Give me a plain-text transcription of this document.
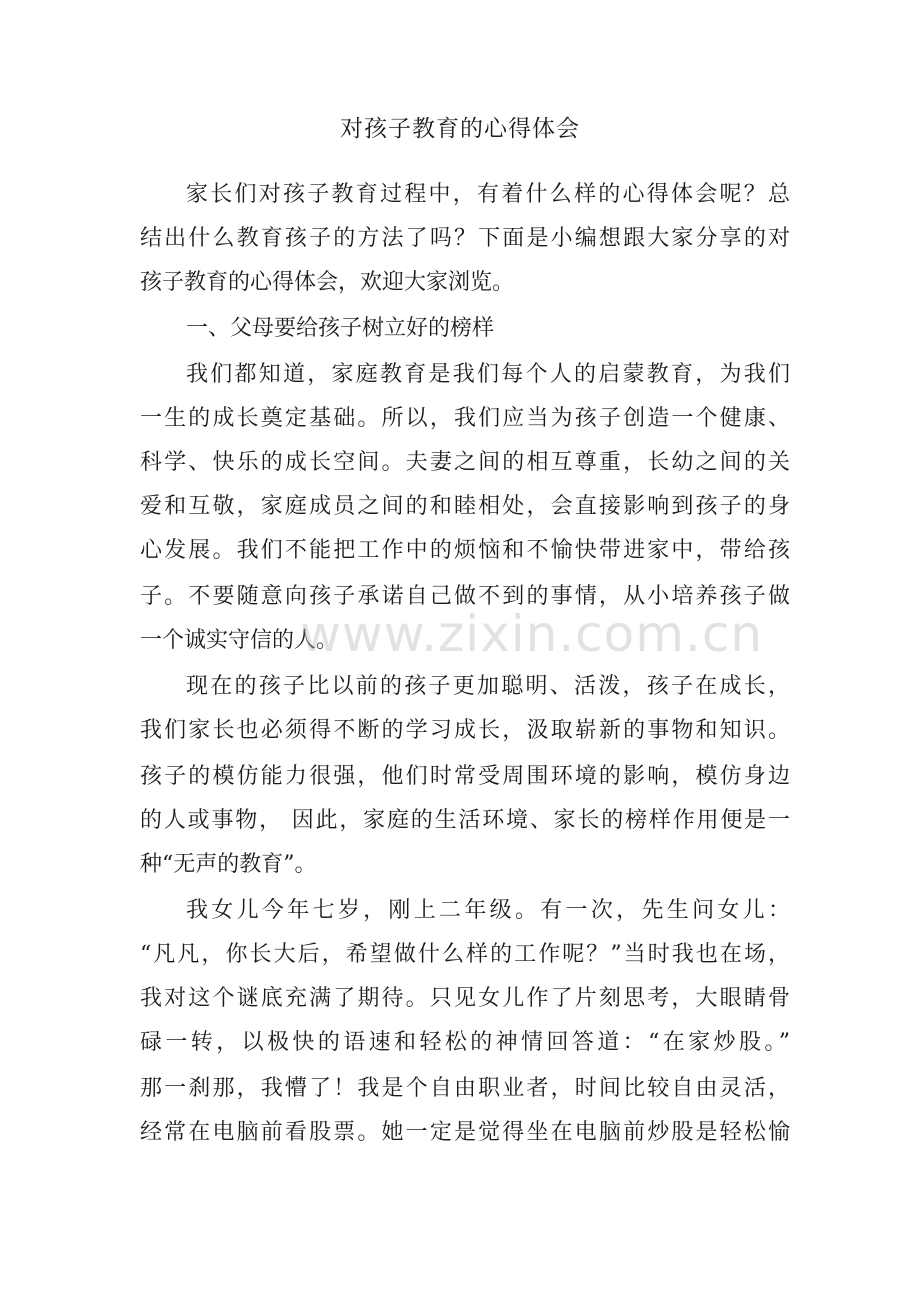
对孩子教育的心得体会

家长们对孩子教育过程中，有着什么样的心得体会呢？总

结出什么教育孩子的方法了吗？下面是小编想跟大家分享的对

孩子教育的心得体会，欢迎大家浏览。

一、父母要给孩子树立好的榜样

我们都知道，家庭教育是我们每个人的启蒙教育，为我们

一生的成长奠定基础。所以，我们应当为孩子创造一个健康、

科学、快乐的成长空间。夫妻之间的相互尊重，长幼之间的关

爱和互敬，家庭成员之间的和睦相处，会直接影响到孩子的身

心发展。我们不能把工作中的烦恼和不愉快带进家中，带给孩

子。不要随意向孩子承诺自己做不到的事情，从小培养孩子做

一个诚实守信的人。

现在的孩子比以前的孩子更加聪明、活泼，孩子在成长，

我们家长也必须得不断的学习成长，汲取崭新的事物和知识。

孩子的模仿能力很强，他们时常受周围环境的影响，模仿身边

的人或事物， 因此，家庭的生活环境、家长的榜样作用便是一

种“无声的教育”。

我女儿今年七岁，刚上二年级。有一次，先生问女儿：

“凡凡，你长大后，希望做什么样的工作呢？”当时我也在场，

我对这个谜底充满了期待。只见女儿作了片刻思考，大眼睛骨

碌一转，以极快的语速和轻松的神情回答道：“在家炒股。”

那一刹那，我懵了！我是个自由职业者，时间比较自由灵活，

经常在电脑前看股票。她一定是觉得坐在电脑前炒股是轻松愉

www.zixin.com.cn
